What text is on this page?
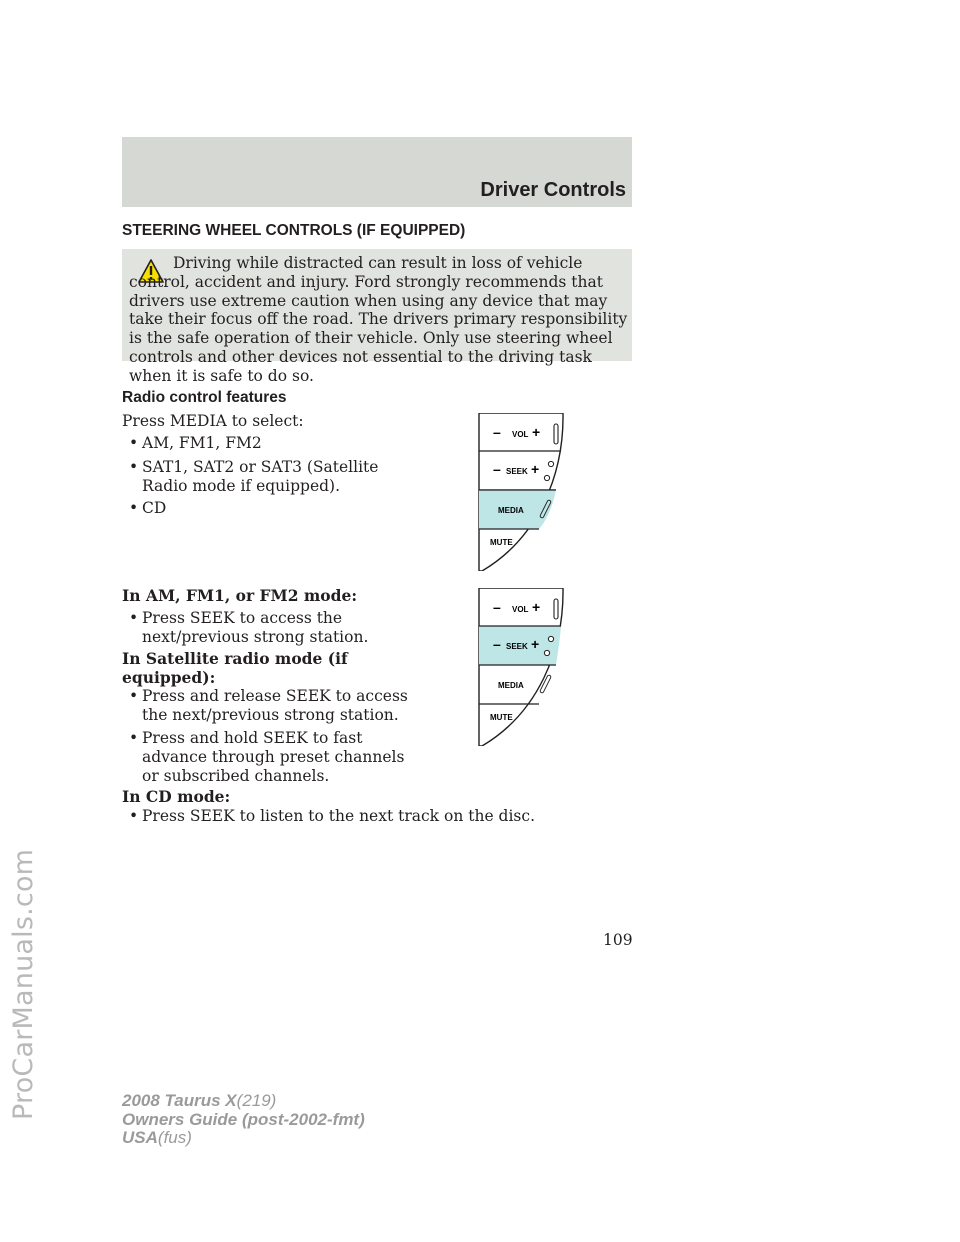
ProCarManuals.com
Driver Controls
STEERING WHEEL CONTROLS (IF EQUIPPED)
Driving while distracted can result in loss of vehicle control, accident and injury. Ford strongly recommends that drivers use extreme caution when using any device that may take their focus off the road. The drivers primary responsibility is the safe operation of their vehicle. Only use steering wheel controls and other devices not essential to the driving task when it is safe to do so.
Radio control features
Press MEDIA to select:
• AM, FM1, FM2
• SAT1, SAT2 or SAT3 (Satellite
Radio mode if equipped).
• CD
In AM, FM1, or FM2 mode:
• Press SEEK to access the
next/previous strong station.
In Satellite radio mode (if
equipped):
• Press and release SEEK to access
the next/previous strong station.
• Press and hold SEEK to fast
advance through preset channels
or subscribed channels.
In CD mode:
• Press SEEK to listen to the next track on the disc.
– VOL +
– SEEK +
MEDIA
MUTE
– VOL +
– SEEK +
MEDIA
MUTE
109
2008 Taurus X(219)
Owners Guide (post-2002-fmt)
USA(fus)
